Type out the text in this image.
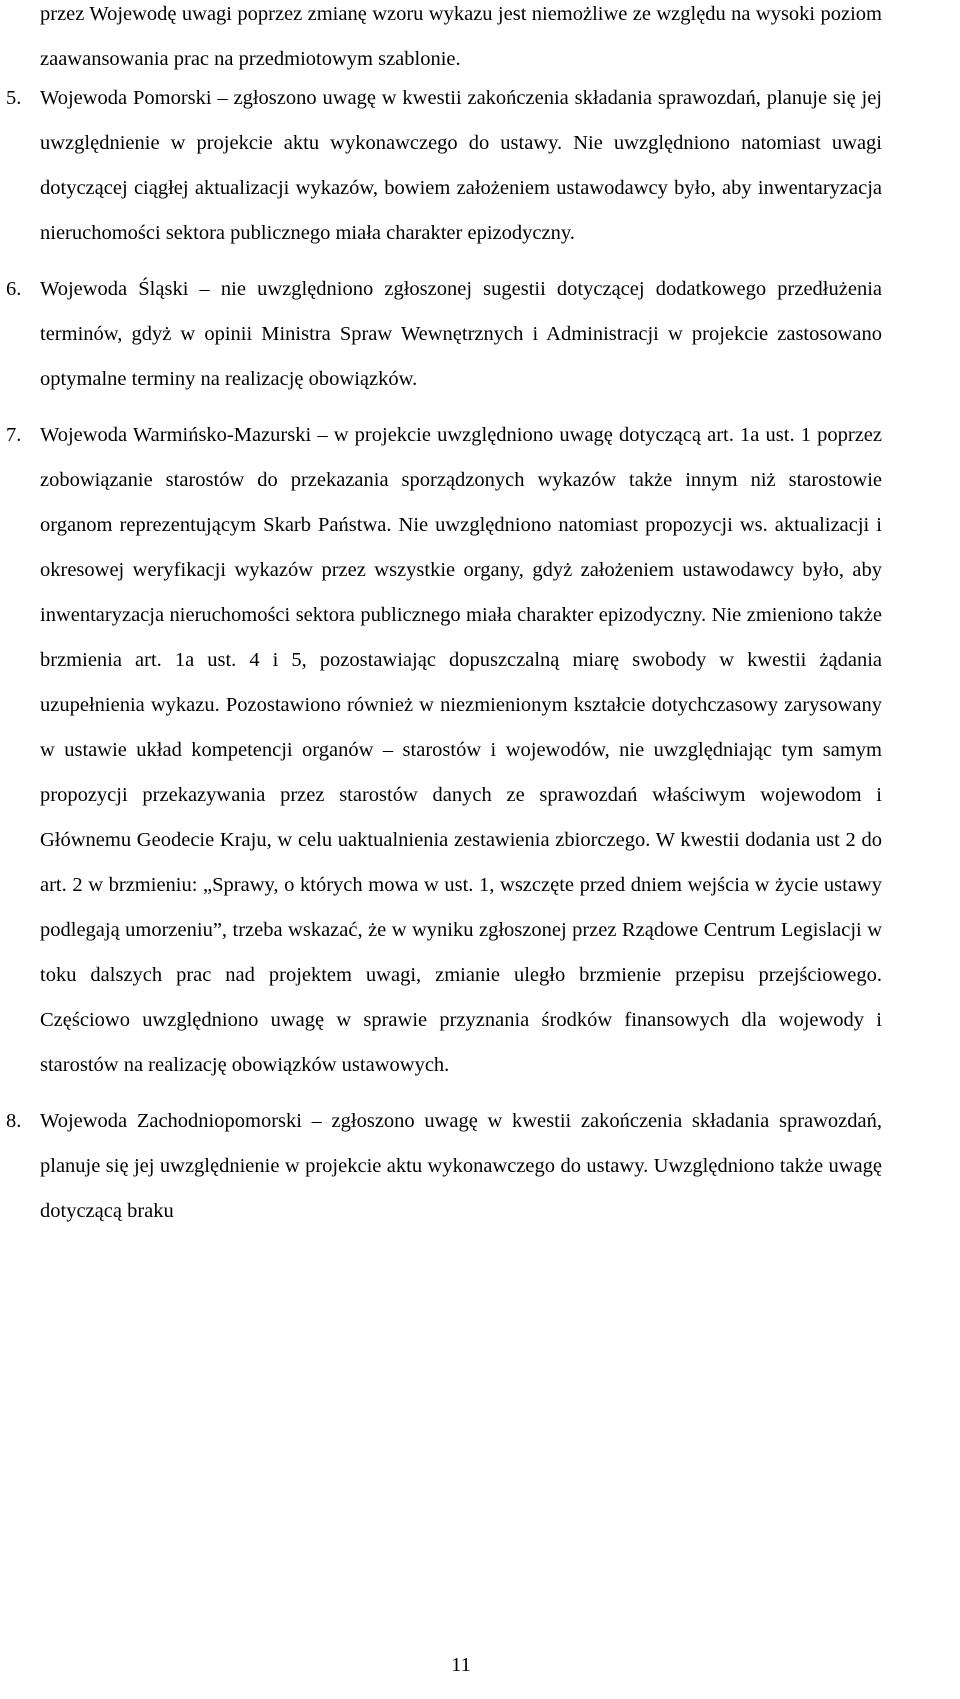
przez Wojewodę uwagi poprzez zmianę wzoru wykazu jest niemożliwe ze względu na wysoki poziom zaawansowania prac na przedmiotowym szablonie.

5. Wojewoda Pomorski – zgłoszono uwagę w kwestii zakończenia składania sprawozdań, planuje się jej uwzględnienie w projekcie aktu wykonawczego do ustawy. Nie uwzględniono natomiast uwagi dotyczącej ciągłej aktualizacji wykazów, bowiem założeniem ustawodawcy było, aby inwentaryzacja nieruchomości sektora publicznego miała charakter epizodyczny.

6. Wojewoda Śląski – nie uwzględniono zgłoszonej sugestii dotyczącej dodatkowego przedłużenia terminów, gdyż w opinii Ministra Spraw Wewnętrznych i Administracji w projekcie zastosowano optymalne terminy na realizację obowiązków.

7. Wojewoda Warmińsko-Mazurski – w projekcie uwzględniono uwagę dotyczącą art. 1a ust. 1 poprzez zobowiązanie starostów do przekazania sporządzonych wykazów także innym niż starostowie organom reprezentującym Skarb Państwa. Nie uwzględniono natomiast propozycji ws. aktualizacji i okresowej weryfikacji wykazów przez wszystkie organy, gdyż założeniem ustawodawcy było, aby inwentaryzacja nieruchomości sektora publicznego miała charakter epizodyczny. Nie zmieniono także brzmienia art. 1a ust. 4 i 5, pozostawiając dopuszczalną miarę swobody w kwestii żądania uzupełnienia wykazu. Pozostawiono również w niezmienionym kształcie dotychczasowy zarysowany w ustawie układ kompetencji organów – starostów i wojewodów, nie uwzględniając tym samym propozycji przekazywania przez starostów danych ze sprawozdań właściwym wojewodom i Głównemu Geodecie Kraju, w celu uaktualnienia zestawienia zbiorczego. W kwestii dodania ust 2 do art. 2 w brzmieniu: „Sprawy, o których mowa w ust. 1, wszczęte przed dniem wejścia w życie ustawy podlegają umorzeniu”, trzeba wskazać, że w wyniku zgłoszonej przez Rządowe Centrum Legislacji w toku dalszych prac nad projektem uwagi, zmianie uległo brzmienie przepisu przejściowego. Częściowo uwzględniono uwagę w sprawie przyznania środków finansowych dla wojewody i starostów na realizację obowiązków ustawowych.

8. Wojewoda Zachodniopomorski – zgłoszono uwagę w kwestii zakończenia składania sprawozdań, planuje się jej uwzględnienie w projekcie aktu wykonawczego do ustawy. Uwzględniono także uwagę dotyczącą braku

11
